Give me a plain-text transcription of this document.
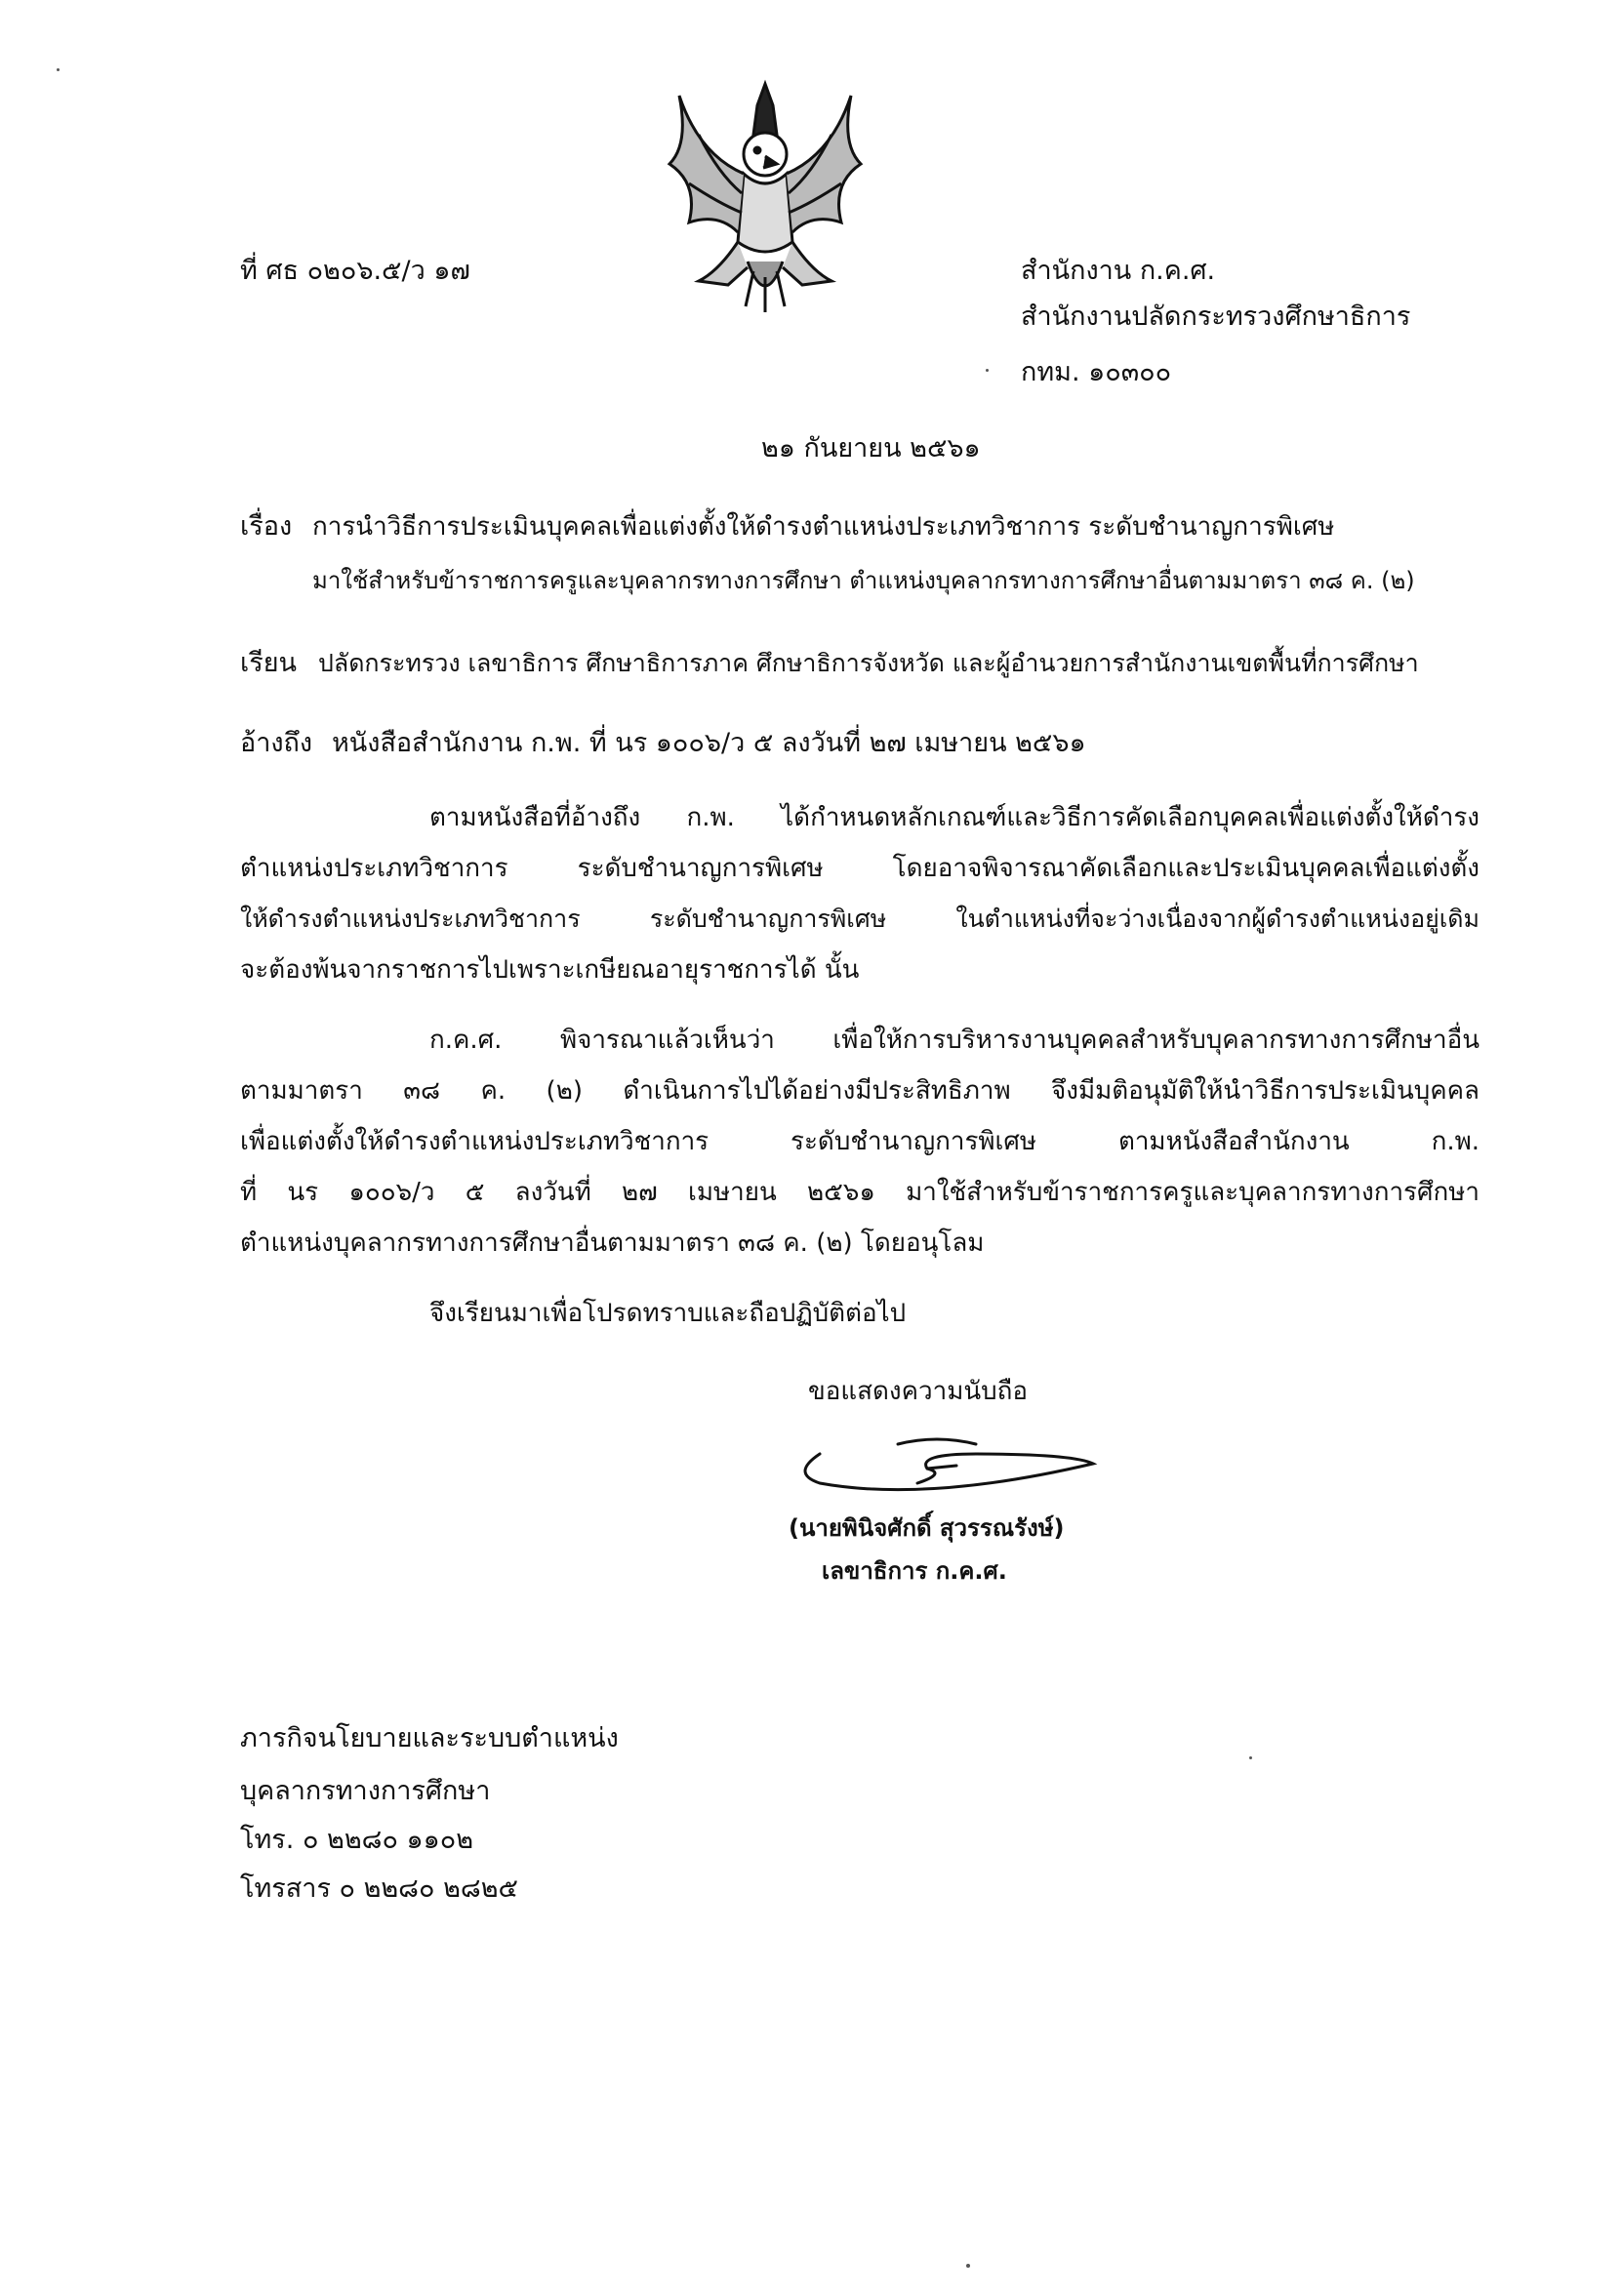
ที่ ศธ ๐๒๐๖.๕/ว ๑๗	สำนักงาน ก.ค.ศ.
สำนักงานปลัดกระทรวงศึกษาธิการ
กทม. ๑๐๓๐๐
๒๑ กันยายน ๒๕๖๑
เรื่อง การนำวิธีการประเมินบุคคลเพื่อแต่งตั้งให้ดำรงตำแหน่งประเภทวิชาการ ระดับชำนาญการพิเศษ
มาใช้สำหรับข้าราชการครูและบุคลากรทางการศึกษา ตำแหน่งบุคลากรทางการศึกษาอื่นตามมาตรา ๓๘ ค. (๒)
เรียน ปลัดกระทรวง เลขาธิการ ศึกษาธิการภาค ศึกษาธิการจังหวัด และผู้อำนวยการสำนักงานเขตพื้นที่การศึกษา
อ้างถึง หนังสือสำนักงาน ก.พ. ที่ นร ๑๐๐๖/ว ๕ ลงวันที่ ๒๗ เมษายน ๒๕๖๑
ตามหนังสือที่อ้างถึง ก.พ. ได้กำหนดหลักเกณฑ์และวิธีการคัดเลือกบุคคลเพื่อแต่งตั้งให้ดำรง
ตำแหน่งประเภทวิชาการ ระดับชำนาญการพิเศษ โดยอาจพิจารณาคัดเลือกและประเมินบุคคลเพื่อแต่งตั้ง
ให้ดำรงตำแหน่งประเภทวิชาการ ระดับชำนาญการพิเศษ ในตำแหน่งที่จะว่างเนื่องจากผู้ดำรงตำแหน่งอยู่เดิม
จะต้องพ้นจากราชการไปเพราะเกษียณอายุราชการได้ นั้น
ก.ค.ศ. พิจารณาแล้วเห็นว่า เพื่อให้การบริหารงานบุคคลสำหรับบุคลากรทางการศึกษาอื่น
ตามมาตรา ๓๘ ค. (๒) ดำเนินการไปได้อย่างมีประสิทธิภาพ จึงมีมติอนุมัติให้นำวิธีการประเมินบุคคล
เพื่อแต่งตั้งให้ดำรงตำแหน่งประเภทวิชาการ ระดับชำนาญการพิเศษ ตามหนังสือสำนักงาน ก.พ.
ที่ นร ๑๐๐๖/ว ๕ ลงวันที่ ๒๗ เมษายน ๒๕๖๑ มาใช้สำหรับข้าราชการครูและบุคลากรทางการศึกษา
ตำแหน่งบุคลากรทางการศึกษาอื่นตามมาตรา ๓๘ ค. (๒) โดยอนุโลม
จึงเรียนมาเพื่อโปรดทราบและถือปฏิบัติต่อไป
ขอแสดงความนับถือ
(นายพินิจศักดิ์ สุวรรณรังษ์)
เลขาธิการ ก.ค.ศ.
ภารกิจนโยบายและระบบตำแหน่ง
บุคลากรทางการศึกษา
โทร. ๐ ๒๒๘๐ ๑๑๐๒
โทรสาร ๐ ๒๒๘๐ ๒๘๒๕
